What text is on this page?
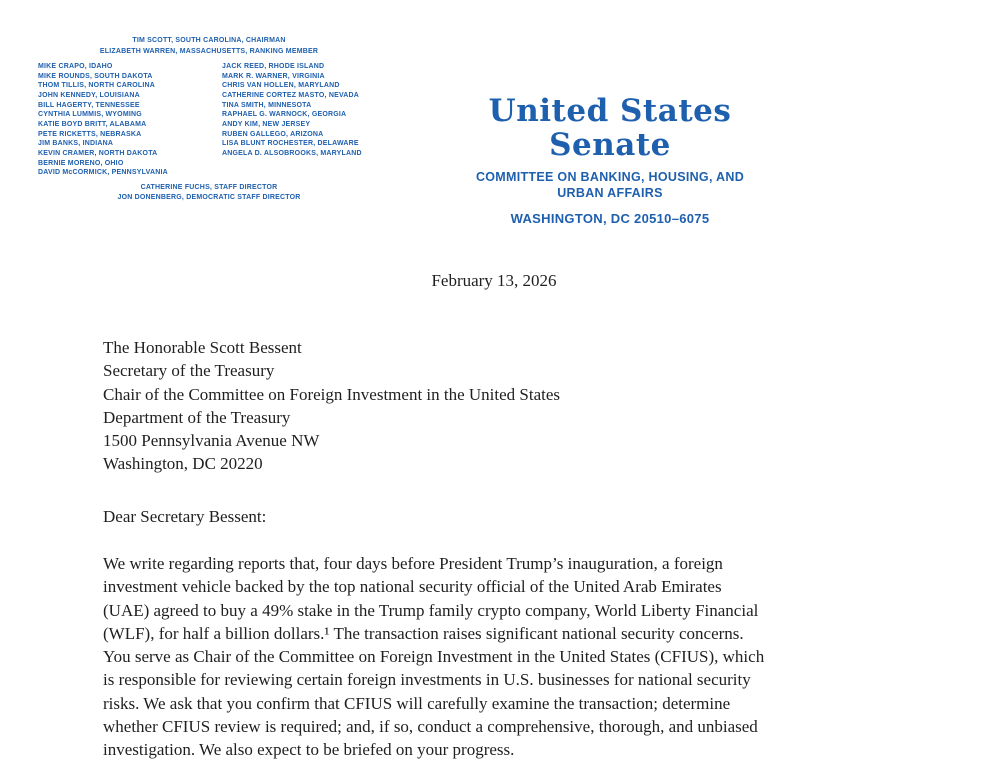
TIM SCOTT, SOUTH CAROLINA, CHAIRMAN
ELIZABETH WARREN, MASSACHUSETTS, RANKING MEMBER
MIKE CRAPO, IDAHO
MIKE ROUNDS, SOUTH DAKOTA
THOM TILLIS, NORTH CAROLINA
JOHN KENNEDY, LOUISIANA
BILL HAGERTY, TENNESSEE
CYNTHIA LUMMIS, WYOMING
KATIE BOYD BRITT, ALABAMA
PETE RICKETTS, NEBRASKA
JIM BANKS, INDIANA
KEVIN CRAMER, NORTH DAKOTA
BERNIE MORENO, OHIO
DAVID McCORMICK, PENNSYLVANIA
JACK REED, RHODE ISLAND
MARK R. WARNER, VIRGINIA
CHRIS VAN HOLLEN, MARYLAND
CATHERINE CORTEZ MASTO, NEVADA
TINA SMITH, MINNESOTA
RAPHAEL G. WARNOCK, GEORGIA
ANDY KIM, NEW JERSEY
RUBEN GALLEGO, ARIZONA
LISA BLUNT ROCHESTER, DELAWARE
ANGELA D. ALSOBROOKS, MARYLAND
CATHERINE FUCHS, STAFF DIRECTOR
JON DONENBERG, DEMOCRATIC STAFF DIRECTOR
United States Senate
COMMITTEE ON BANKING, HOUSING, AND
URBAN AFFAIRS
WASHINGTON, DC 20510–6075
February 13, 2026
The Honorable Scott Bessent
Secretary of the Treasury
Chair of the Committee on Foreign Investment in the United States
Department of the Treasury
1500 Pennsylvania Avenue NW
Washington, DC 20220
Dear Secretary Bessent:
We write regarding reports that, four days before President Trump’s inauguration, a foreign
investment vehicle backed by the top national security official of the United Arab Emirates
(UAE) agreed to buy a 49% stake in the Trump family crypto company, World Liberty Financial
(WLF), for half a billion dollars.¹ The transaction raises significant national security concerns.
You serve as Chair of the Committee on Foreign Investment in the United States (CFIUS), which
is responsible for reviewing certain foreign investments in U.S. businesses for national security
risks. We ask that you confirm that CFIUS will carefully examine the transaction; determine
whether CFIUS review is required; and, if so, conduct a comprehensive, thorough, and unbiased
investigation. We also expect to be briefed on your progress.
